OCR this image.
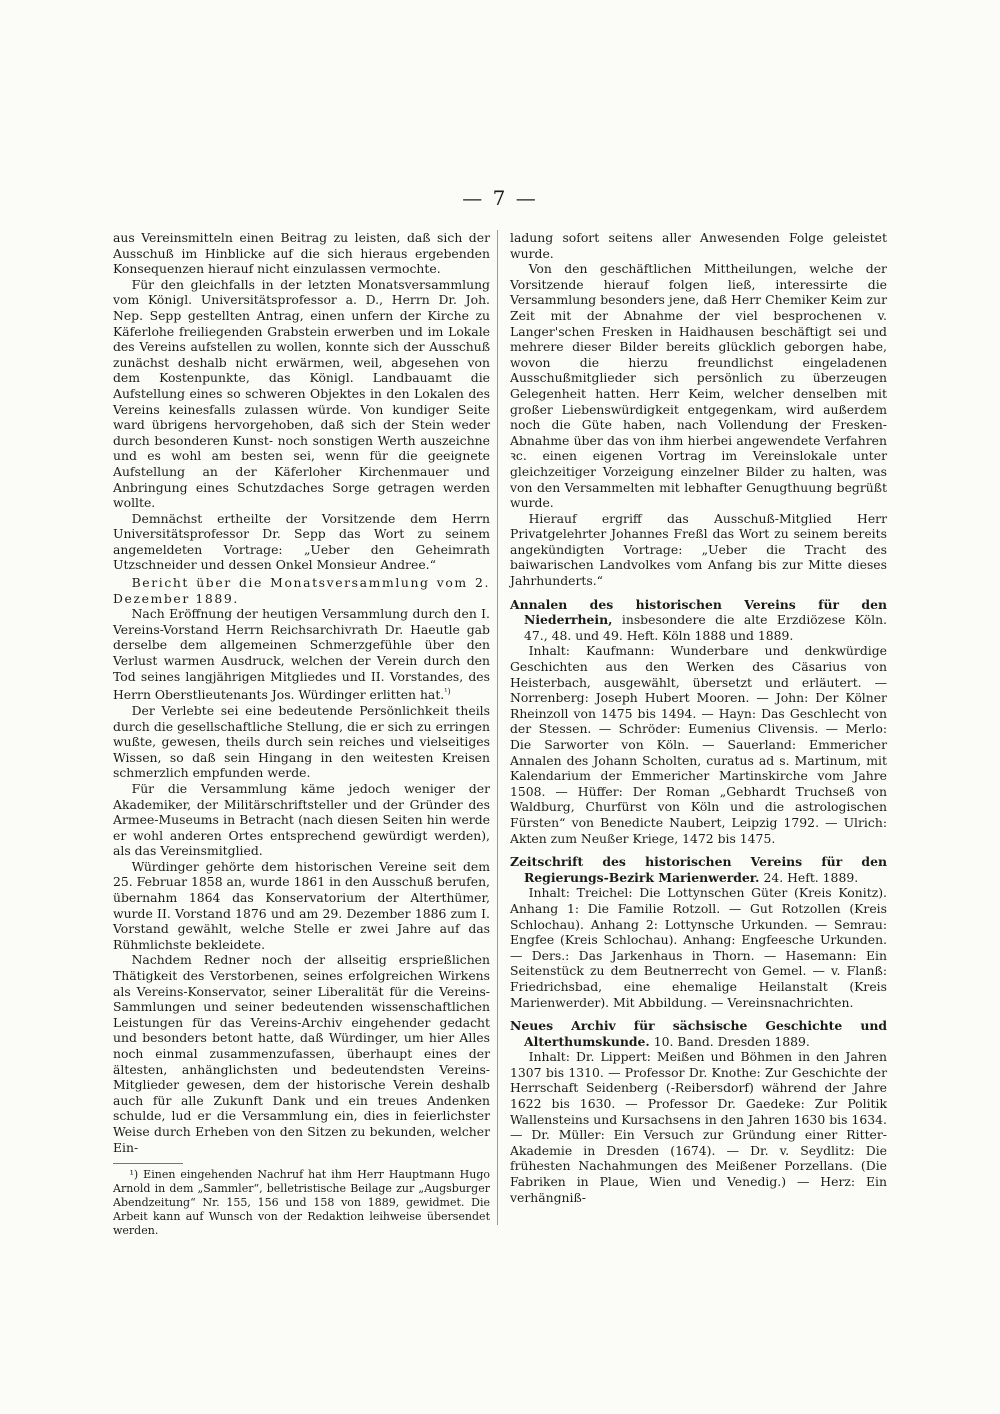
— 7 —

aus Vereinsmitteln einen Beitrag zu leisten, daß sich der Ausschuß im Hinblicke auf die sich hieraus ergebenden Konsequenzen hierauf nicht einzulassen vermochte.

Für den gleichfalls in der letzten Monatsversammlung vom Königl. Universitätsprofessor a. D., Herrn Dr. Joh. Nep. Sepp gestellten Antrag, einen unfern der Kirche zu Käferlohe freiliegenden Grabstein erwerben und im Lokale des Vereins aufstellen zu wollen, konnte sich der Ausschuß zunächst deshalb nicht erwärmen, weil, abgesehen von dem Kostenpunkte, das Königl. Landbauamt die Aufstellung eines so schweren Objektes in den Lokalen des Vereins keinesfalls zulassen würde. Von kundiger Seite ward übrigens hervorgehoben, daß sich der Stein weder durch besonderen Kunst- noch sonstigen Werth auszeichne und es wohl am besten sei, wenn für die geeignete Aufstellung an der Käferloher Kirchenmauer und Anbringung eines Schutzdaches Sorge getragen werden wollte.

Demnächst ertheilte der Vorsitzende dem Herrn Universitätsprofessor Dr. Sepp das Wort zu seinem angemeldeten Vortrage: „Ueber den Geheimrath Utzschneider und dessen Onkel Monsieur Andree.“

Bericht über die Monatsversammlung vom 2. Dezember 1889.

Nach Eröffnung der heutigen Versammlung durch den I. Vereins-Vorstand Herrn Reichsarchivrath Dr. Haeutle gab derselbe dem allgemeinen Schmerzgefühle über den Verlust warmen Ausdruck, welchen der Verein durch den Tod seines langjährigen Mitgliedes und II. Vorstandes, des Herrn Oberstlieutenants Jos. Würdinger erlitten hat.$^{^1)}$

Der Verlebte sei eine bedeutende Persönlichkeit theils durch die gesellschaftliche Stellung, die er sich zu erringen wußte, gewesen, theils durch sein reiches und vielseitiges Wissen, so daß sein Hingang in den weitesten Kreisen schmerzlich empfunden werde.

Für die Versammlung käme jedoch weniger der Akademiker, der Militärschriftsteller und der Gründer des Armee-Museums in Betracht (nach diesen Seiten hin werde er wohl anderen Ortes entsprechend gewürdigt werden), als das Vereinsmitglied.

Würdinger gehörte dem historischen Vereine seit dem 25. Februar 1858 an, wurde 1861 in den Ausschuß berufen, übernahm 1864 das Konservatorium der Alterthümer, wurde II. Vorstand 1876 und am 29. Dezember 1886 zum I. Vorstand gewählt, welche Stelle er zwei Jahre auf das Rühmlichste bekleidete.

Nachdem Redner noch der allseitig ersprießlichen Thätigkeit des Verstorbenen, seines erfolgreichen Wirkens als Vereins-Konservator, seiner Liberalität für die Vereins-Sammlungen und seiner bedeutenden wissenschaftlichen Leistungen für das Vereins-Archiv eingehender gedacht und besonders betont hatte, daß Würdinger, um hier Alles noch einmal zusammenzufassen, überhaupt eines der ältesten, anhänglichsten und bedeutendsten Vereins-Mitglieder gewesen, dem der historische Verein deshalb auch für alle Zukunft Dank und ein treues Andenken schulde, lud er die Versammlung ein, dies in feierlichster Weise durch Erheben von den Sitzen zu bekunden, welcher Ein-

¹) Einen eingehenden Nachruf hat ihm Herr Hauptmann Hugo Arnold in dem „Sammler“, belletristische Beilage zur „Augsburger Abendzeitung“ Nr. 155, 156 und 158 von 1889, gewidmet. Die Arbeit kann auf Wunsch von der Redaktion leihweise übersendet werden.

ladung sofort seitens aller Anwesenden Folge geleistet wurde.

Von den geschäftlichen Mittheilungen, welche der Vorsitzende hierauf folgen ließ, interessirte die Versammlung besonders jene, daß Herr Chemiker Keim zur Zeit mit der Abnahme der viel besprochenen v. Langer'schen Fresken in Haidhausen beschäftigt sei und mehrere dieser Bilder bereits glücklich geborgen habe, wovon die hierzu freundlichst eingeladenen Ausschußmitglieder sich persönlich zu überzeugen Gelegenheit hatten. Herr Keim, welcher denselben mit großer Liebenswürdigkeit entgegenkam, wird außerdem noch die Güte haben, nach Vollendung der Fresken-Abnahme über das von ihm hierbei angewendete Verfahren ꝛc. einen eigenen Vortrag im Vereinslokale unter gleichzeitiger Vorzeigung einzelner Bilder zu halten, was von den Versammelten mit lebhafter Genugthuung begrüßt wurde.

Hierauf ergriff das Ausschuß-Mitglied Herr Privatgelehrter Johannes Freßl das Wort zu seinem bereits angekündigten Vortrage: „Ueber die Tracht des baiwarischen Landvolkes vom Anfang bis zur Mitte dieses Jahrhunderts.“

Annalen des historischen Vereins für den Niederrhein, insbesondere die alte Erzdiözese Köln. 47., 48. und 49. Heft. Köln 1888 und 1889.

Inhalt: Kaufmann: Wunderbare und denkwürdige Geschichten aus den Werken des Cäsarius von Heisterbach, ausgewählt, übersetzt und erläutert. — Norrenberg: Joseph Hubert Mooren. — John: Der Kölner Rheinzoll von 1475 bis 1494. — Hayn: Das Geschlecht von der Stessen. — Schröder: Eumenius Clivensis. — Merlo: Die Sarworter von Köln. — Sauerland: Emmericher Annalen des Johann Scholten, curatus ad s. Martinum, mit Kalendarium der Emmericher Martinskirche vom Jahre 1508. — Hüffer: Der Roman „Gebhardt Truchseß von Waldburg, Churfürst von Köln und die astrologischen Fürsten“ von Benedicte Naubert, Leipzig 1792. — Ulrich: Akten zum Neußer Kriege, 1472 bis 1475.

Zeitschrift des historischen Vereins für den Regierungs-Bezirk Marienwerder. 24. Heft. 1889.

Inhalt: Treichel: Die Lottynschen Güter (Kreis Konitz). Anhang 1: Die Familie Rotzoll. — Gut Rotzollen (Kreis Schlochau). Anhang 2: Lottynsche Urkunden. — Semrau: Engfee (Kreis Schlochau). Anhang: Engfeesche Urkunden. — Ders.: Das Jarkenhaus in Thorn. — Hasemann: Ein Seitenstück zu dem Beutnerrecht von Gemel. — v. Flanß: Friedrichsbad, eine ehemalige Heilanstalt (Kreis Marienwerder). Mit Abbildung. — Vereinsnachrichten.

Neues Archiv für sächsische Geschichte und Alterthumskunde. 10. Band. Dresden 1889.

Inhalt: Dr. Lippert: Meißen und Böhmen in den Jahren 1307 bis 1310. — Professor Dr. Knothe: Zur Geschichte der Herrschaft Seidenberg (-Reibersdorf) während der Jahre 1622 bis 1630. — Professor Dr. Gaedeke: Zur Politik Wallensteins und Kursachsens in den Jahren 1630 bis 1634. — Dr. Müller: Ein Versuch zur Gründung einer Ritter-Akademie in Dresden (1674). — Dr. v. Seydlitz: Die frühesten Nachahmungen des Meißener Porzellans. (Die Fabriken in Plaue, Wien und Venedig.) — Herz: Ein verhängniß-
